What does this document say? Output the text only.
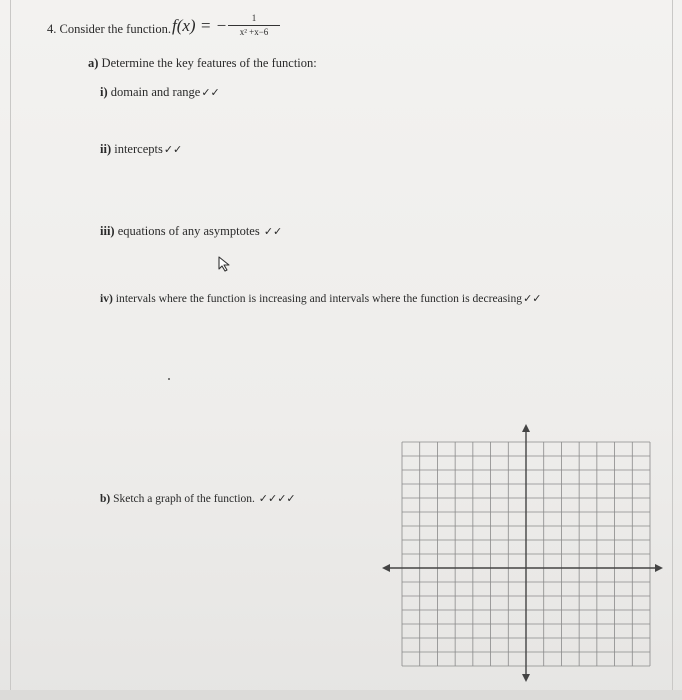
4. Consider the function. f(x) = −	1
x² +x−6
a) Determine the key features of the function:
i) domain and range✓✓
ii) intercepts✓✓
iii) equations of any asymptotes ✓✓
iv) intervals where the function is increasing and intervals where the function is decreasing✓✓
b) Sketch a graph of the function. ✓✓✓✓
